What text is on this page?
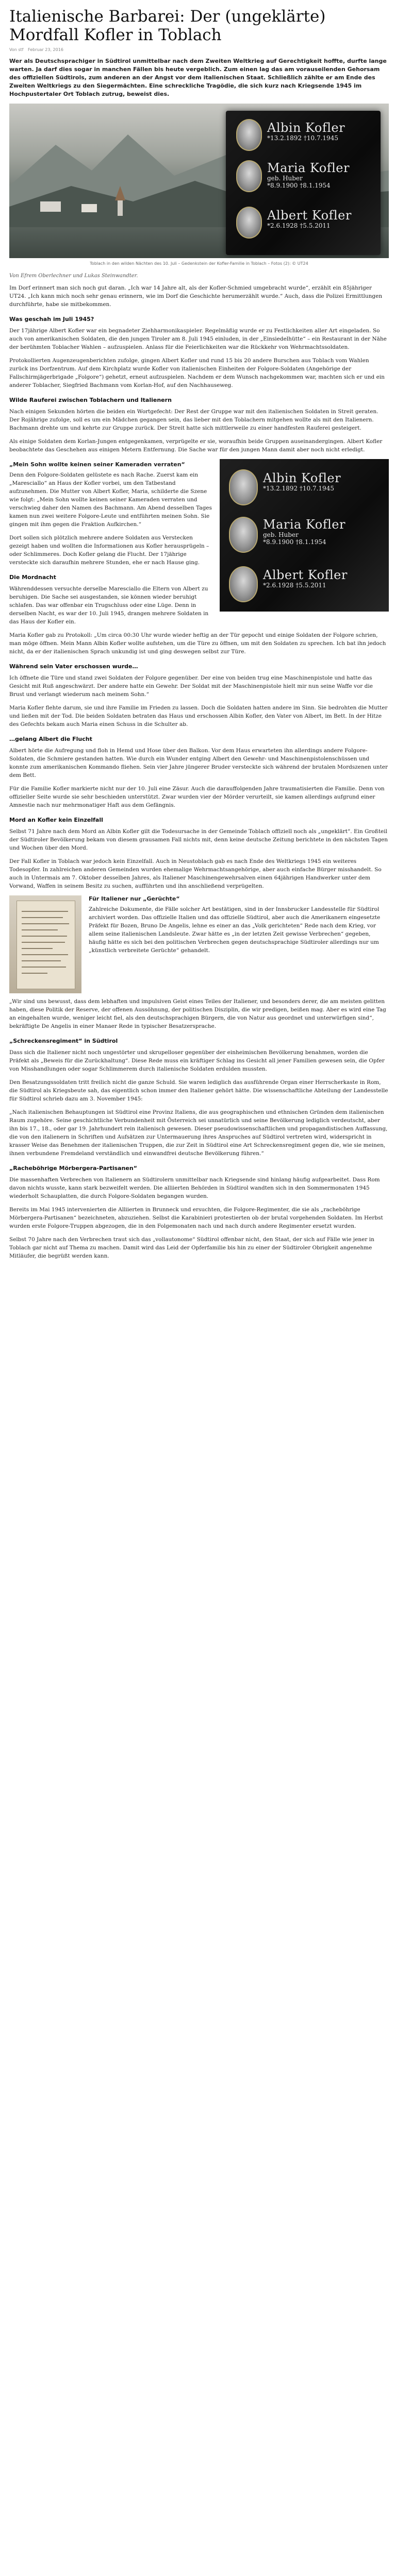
Italienische Barbarei: Der (ungeklärte) Mordfall Kofler in Toblach
Von stf Februar 23, 2016

Wer als Deutschsprachiger in Südtirol unmittelbar nach dem Zweiten Weltkrieg auf Gerechtigkeit hoffte, durfte lange warten. Ja darf dies sogar in manchen Fällen bis heute vergeblich. Zum einen lag das am vorauseilenden Gehorsam des offiziellen Südtirols, zum anderen an der Angst vor dem italienischen Staat. Schließlich zählte er am Ende des Zweiten Weltkriegs zu den Siegermächten. Eine schreckliche Tragödie, die sich kurz nach Kriegsende 1945 im Hochpustertaler Ort Toblach zutrug, beweist dies.

Albin Kofler
*13.2.1892 †10.7.1945
Maria Kofler
geb. Huber
*8.9.1900 †8.1.1954
Albert Kofler
*2.6.1928 †5.5.2011
Toblach in den wilden Nächten des 10. Juli – Gedenkstein der Kofler-Familie in Toblach – Fotos (2): © UT24
Von Efrem Oberlechner und Lukas Steinwandter.

Im Dorf erinnert man sich noch gut daran. „Ich war 14 Jahre alt, als der Kofler-Schmied umgebracht wurde“, erzählt ein 85jähriger UT24. „Ich kann mich noch sehr genau erinnern, wie im Dorf die Geschichte herumerzählt wurde.“ Auch, dass die Polizei Ermittlungen durchführte, habe sie mitbekommen.

Was geschah im Juli 1945?

Der 17jährige Albert Kofler war ein begnadeter Ziehharmonikaspieler. Regelmäßig wurde er zu Festlichkeiten aller Art eingeladen. So auch von amerikanischen Soldaten, die den jungen Tiroler am 8. Juli 1945 einluden, in der „Einsiedelhütte“ – ein Restaurant in der Nähe der berühmten Toblacher Wahlen – aufzuspielen. Anlass für die Feierlichkeiten war die Rückkehr von Wehrmachtssoldaten.

Protokollierten Augenzeugenberichten zufolge, gingen Albert Kofler und rund 15 bis 20 andere Burschen aus Toblach vom Wahlen zurück ins Dorfzentrum. Auf dem Kirchplatz wurde Kofler von italienischen Einheiten der Folgore-Soldaten (Angehörige der Fallschirmjägerbrigade „Folgore“) gehetzt, erneut aufzuspielen. Nachdem er dem Wunsch nachgekommen war, machten sich er und ein anderer Toblacher, Siegfried Bachmann vom Korlan-Hof, auf den Nachhauseweg.

Wilde Rauferei zwischen Toblachern und Italienern

Nach einigen Sekunden hörten die beiden ein Wortgefecht: Der Rest der Gruppe war mit den italienischen Soldaten in Streit geraten. Der Rojährige zufolge, soll es um ein Mädchen gegangen sein, das lieber mit den Toblachern mitgehen wollte als mit den Italienern. Bachmann drehte um und kehrte zur Gruppe zurück. Der Streit hatte sich mittlerweile zu einer handfesten Rauferei gesteigert.

Als einige Soldaten dem Korlan-Jungen entgegenkamen, verprügelte er sie, woraufhin beide Gruppen auseinandergingen. Albert Kofler beobachtete das Geschehen aus einigen Metern Entfernung. Die Sache war für den jungen Mann damit aber noch nicht erledigt.

Albin Kofler
*13.2.1892 †10.7.1945
Maria Kofler
geb. Huber
*8.9.1900 †8.1.1954
Albert Kofler
*2.6.1928 †5.5.2011
„Mein Sohn wollte keinen seiner Kameraden verraten“

Denn den Folgore-Soldaten gelüstete es nach Rache. Zuerst kam ein „Maresciallo“ an Haus der Kofler vorbei, um den Tatbestand aufzunehmen. Die Mutter von Albert Kofler, Maria, schilderte die Szene wie folgt: „Mein Sohn wollte keinen seiner Kameraden verraten und verschwieg daher den Namen des Bachmann. Am Abend desselben Tages kamen nun zwei weitere Folgore-Leute und entführten meinen Sohn. Sie gingen mit ihm gegen die Fraktion Aufkirchen.“

Dort sollen sich plötzlich mehrere andere Soldaten aus Verstecken gezeigt haben und wollten die Informationen aus Kofler herausprügeln – oder Schlimmeres. Doch Kofler gelang die Flucht. Der 17jährige versteckte sich daraufhin mehrere Stunden, ehe er nach Hause ging.

Die Mordnacht

Währenddessen versuchte derselbe Maresciallo die Eltern von Albert zu beruhigen. Die Sache sei ausgestanden, sie können wieder beruhigt schlafen. Das war offenbar ein Trugschluss oder eine Lüge. Denn in derselben Nacht, es war der 10. Juli 1945, drangen mehrere Soldaten in das Haus der Kofler ein.

Maria Kofler gab zu Protokoll: „Um circa 00:30 Uhr wurde wieder heftig an der Tür gepocht und einige Soldaten der Folgore schrien, man möge öffnen. Mein Mann Albin Kofler wollte aufstehen, um die Türe zu öffnen, um mit den Soldaten zu sprechen. Ich bat ihn jedoch nicht, da er der italienischen Sprach unkundig ist und ging deswegen selbst zur Türe.

Während sein Vater erschossen wurde…

Ich öffnete die Türe und stand zwei Soldaten der Folgore gegenüber. Der eine von beiden trug eine Maschinenpistole und hatte das Gesicht mit Ruß angeschwärzt. Der andere hatte ein Gewehr. Der Soldat mit der Maschinenpistole hielt mir nun seine Waffe vor die Brust und verlangt wiederum nach meinem Sohn.“

Maria Kofler flehte darum, sie und ihre Familie im Frieden zu lassen. Doch die Soldaten hatten andere im Sinn. Sie bedrohten die Mutter und ließen mit der Tod. Die beiden Soldaten betraten das Haus und erschossen Albin Kofler, den Vater von Albert, im Bett. In der Hitze des Gefechts bekam auch Maria einen Schuss in die Schulter ab.

…gelang Albert die Flucht

Albert hörte die Aufregung und floh in Hemd und Hose über den Balkon. Vor dem Haus erwarteten ihn allerdings andere Folgore-Soldaten, die Schmiere gestanden hatten. Wie durch ein Wunder entging Albert den Gewehr- und Maschinenpistolenschüssen und konnte zum amerikanischen Kommando fliehen. Sein vier Jahre jüngerer Bruder versteckte sich während der brutalen Mordszenen unter dem Bett.

Für die Familie Kofler markierte nicht nur der 10. Juli eine Zäsur. Auch die darauffolgenden Jahre traumatisierten die Familie. Denn von offizieller Seite wurde sie sehr beschieden unterstützt. Zwar wurden vier der Mörder verurteilt, sie kamen allerdings aufgrund einer Amnestie nach nur mehrmonatiger Haft aus dem Gefängnis.

Mord an Kofler kein Einzelfall

Selbst 71 Jahre nach dem Mord an Albin Kofler gilt die Todesursache in der Gemeinde Toblach offiziell noch als „ungeklärt“. Ein Großteil der Südtiroler Bevölkerung bekam von diesem grausamen Fall nichts mit, denn keine deutsche Zeitung berichtete in den nächsten Tagen und Wochen über den Mord.

Der Fall Kofler in Toblach war jedoch kein Einzelfall. Auch in Neustoblach gab es nach Ende des Weltkriegs 1945 ein weiteres Todesopfer. In zahlreichen anderen Gemeinden wurden ehemalige Wehrmachtsangehörige, aber auch einfache Bürger misshandelt. So auch in Untermais am 7. Oktober desselben Jahres, als Italiener Maschinengewehrsalven einen 64jährigen Handwerker unter dem Vorwand, Waffen in seinem Besitz zu suchen, aufführten und ihn anschließend verprügelten.

Für Italiener nur „Gerüchte“

Zahlreiche Dokumente, die Fälle solcher Art bestätigen, sind in der Innsbrucker Landesstelle für Südtirol archiviert worden. Das offizielle Italien und das offizielle Südtirol, aber auch die Amerikanern eingesetzte Präfekt für Bozen, Bruno De Angelis, lehne es einer an das „Volk gerichteten“ Rede nach dem Krieg, vor allem seine italienischen Landsleute. Zwar hätte es „in der letzten Zeit gewisse Verbrechen“ gegeben, häufig hätte es sich bei den politischen Verbrechen gegen deutschsprachige Südtiroler allerdings nur um „künstlich verbreitete Gerüchte“ gehandelt.

„Wir sind uns bewusst, dass dem lebhaften und impulsiven Geist eines Teiles der Italiener, und besonders derer, die am meisten gelitten haben, diese Politik der Reserve, der offenen Aussöhnung, der politischen Disziplin, die wir predigen, beißen mag. Aber es wird eine Tag an eingehalten wurde, weniger leicht fiel, als den deutschsprachigen Bürgern, die von Natur aus geordnet und unterwürfigen sind“, bekräftigte De Angelis in einer Manaer Rede in typischer Besatzersprache.

„Schreckensregiment“ in Südtirol

Dass sich die Italiener nicht noch ungestörter und skrupelloser gegenüber der einheimischen Bevölkerung benahmen, worden die Präfekt als „Beweis für die Zurückhaltung“. Diese Rede muss ein kräftiger Schlag ins Gesicht all jener Familien gewesen sein, die Opfer von Misshandlungen oder sogar Schlimmerem durch italienische Soldaten erdulden mussten.

Den Besatzungssoldaten tritt freilich nicht die ganze Schuld. Sie waren lediglich das ausführende Organ einer Herrscherkaste in Rom, die Südtirol als Kriegsbeute sah, das eigentlich schon immer den Italiener gehört hätte. Die wissenschaftliche Abteilung der Landesstelle für Südtirol schrieb dazu am 3. November 1945:

„Nach italienischen Behauptungen ist Südtirol eine Provinz Italiens, die aus geographischen und ethnischen Gründen dem italienischen Raum zugehöre. Seine geschichtliche Verbundenheit mit Österreich sei unnatürlich und seine Bevölkerung lediglich verdeutscht, aber ihn bis 17., 18., oder gar 19. Jahrhundert rein italienisch gewesen. Dieser pseudowissenschaftlichen und propagandistischen Auffassung, die von den italienern in Schriften und Aufsätzen zur Untermauerung ihres Anspruches auf Südtirol vertreten wird, widerspricht in krasser Weise das Benehmen der italienischen Truppen, die zur Zeit in Südtirol eine Art Schreckensregiment gegen die, wie sie meinen, ihnen verbundene Fremdeland verständlich und einwandfrei deutsche Bevölkerung führen.“

„Racheböhrige Mörbergera-Partisanen“

Die massenhaften Verbrechen von Italienern an Südtirolern unmittelbar nach Kriegsende sind hinlang häufig aufgearbeitet. Dass Rom davon nichts wusste, kann stark bezweifelt werden. Die alliierten Behörden in Südtirol wandten sich in den Sommermonaten 1945 wiederholt Schauplatten, die durch Folgore-Soldaten begangen wurden.

Bereits im Mai 1945 intervenierten die Alliierten in Brunneck und ersuchten, die Folgore-Regimenter, die sie als „racheböhrige Mörbergera-Partisanen“ bezeichneten, abzuziehen. Selbst die Karabinieri protestierten ob der brutal vorgehenden Soldaten. Im Herbst wurden erste Folgore-Truppen abgezogen, die in den Folgemonaten nach und nach durch andere Regimenter ersetzt wurden.

Selbst 70 Jahre nach den Verbrechen traut sich das „vollautonome“ Südtirol offenbar nicht, den Staat, der sich auf Fälle wie jener in Toblach gar nicht auf Thema zu machen. Damit wird das Leid der Opferfamilie bis hin zu einer der Südtiroler Obrigkeit angenehme Mitläufer, die begrüßt werden kann.
